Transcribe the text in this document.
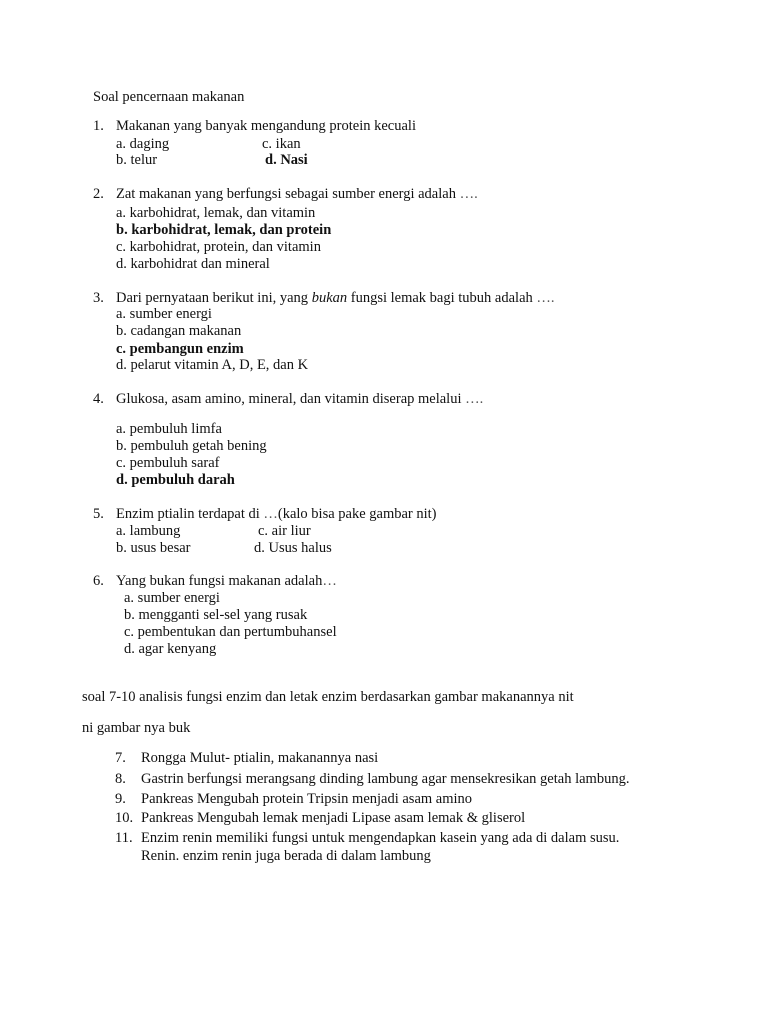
Soal pencernaan makanan
1. Makanan yang banyak mengandung protein kecuali
a. daging	c. ikan
b. telur	d. Nasi
2. Zat makanan yang berfungsi sebagai sumber energi adalah ….
a. karbohidrat, lemak, dan vitamin
b. karbohidrat, lemak, dan protein
c. karbohidrat, protein, dan vitamin
d. karbohidrat dan mineral
3. Dari pernyataan berikut ini, yang bukan fungsi lemak bagi tubuh adalah ….
a. sumber energi
b. cadangan makanan
c. pembangun enzim
d. pelarut vitamin A, D, E, dan K
4. Glukosa, asam amino, mineral, dan vitamin diserap melalui ….
a. pembuluh limfa
b. pembuluh getah bening
c. pembuluh saraf
d. pembuluh darah
5. Enzim ptialin terdapat di …(kalo bisa pake gambar nit)
a. lambung	c. air liur
b. usus besar	d. Usus halus
6. Yang bukan fungsi makanan adalah…
a. sumber energi
b. mengganti sel-sel yang rusak
c. pembentukan dan pertumbuhansel
d. agar kenyang
soal 7-10 analisis fungsi enzim dan letak enzim berdasarkan gambar makanannya nit
ni gambar nya buk
7. Rongga Mulut- ptialin, makanannya nasi
8. Gastrin berfungsi merangsang dinding lambung agar mensekresikan getah lambung.
9. Pankreas Mengubah protein Tripsin menjadi asam amino
10. Pankreas Mengubah lemak menjadi Lipase asam lemak & gliserol
11. Enzim renin memiliki fungsi untuk mengendapkan kasein yang ada di dalam susu.
Renin. enzim renin juga berada di dalam lambung
